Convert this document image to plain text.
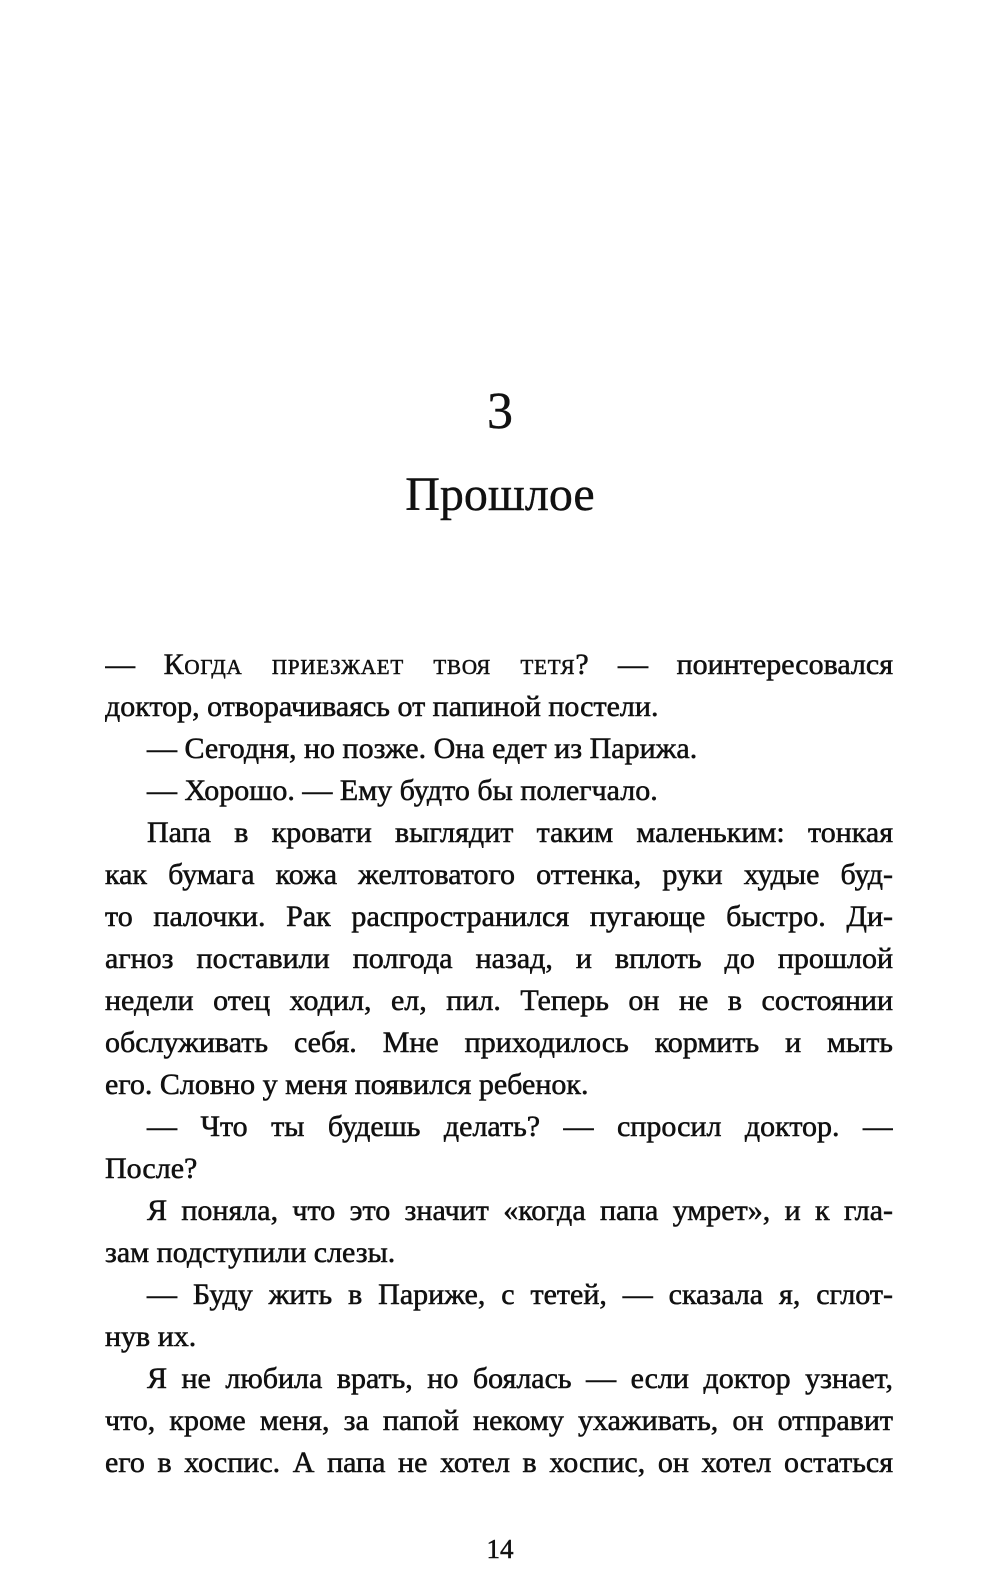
3
Прошлое
— Когда приезжает твоя тетя? — поинтересовался
доктор, отворачиваясь от папиной постели.
— Сегодня, но позже. Она едет из Парижа.
— Хорошо. — Ему будто бы полегчало.
Папа в кровати выглядит таким маленьким: тонкая
как бумага кожа желтоватого оттенка, руки худые буд-
то палочки. Рак распространился пугающе быстро. Ди-
агноз поставили полгода назад, и вплоть до прошлой
недели отец ходил, ел, пил. Теперь он не в состоянии
обслуживать себя. Мне приходилось кормить и мыть
его. Словно у меня появился ребенок.
— Что ты будешь делать? — спросил доктор. —
После?
Я поняла, что это значит «когда папа умрет», и к гла-
зам подступили слезы.
— Буду жить в Париже, с тетей, — сказала я, сглот-
нув их.
Я не любила врать, но боялась — если доктор узнает,
что, кроме меня, за папой некому ухаживать, он отправит
его в хоспис. А папа не хотел в хоспис, он хотел остаться
14
